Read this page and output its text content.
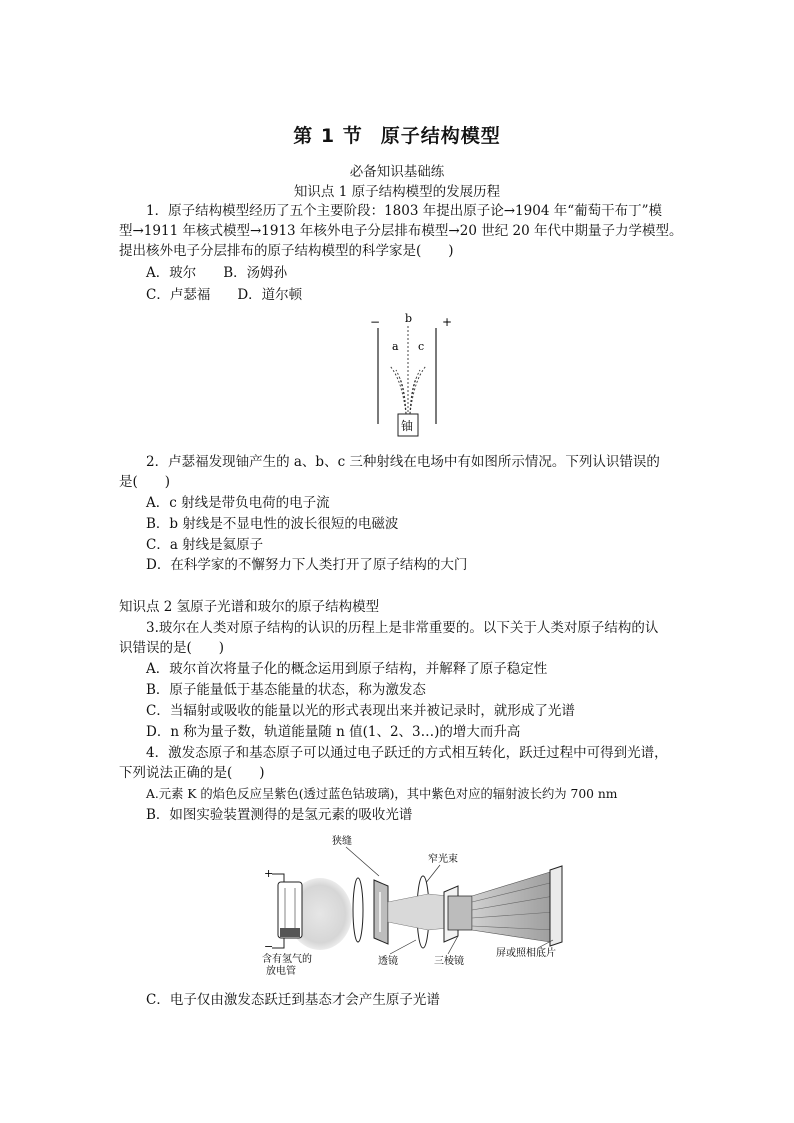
第 1 节 原子结构模型
必备知识基础练
知识点 1 原子结构模型的发展历程
1．原子结构模型经历了五个主要阶段：1803 年提出原子论→1904 年“葡萄干布丁”模
型→1911 年核式模型→1913 年核外电子分层排布模型→20 世纪 20 年代中期量子力学模型。
提出核外电子分层排布的原子结构模型的科学家是(　　)
A．玻尔　　B．汤姆孙
C．卢瑟福　　D．道尔顿
−	+
b
a c
铀
2．卢瑟福发现铀产生的 a、b、c 三种射线在电场中有如图所示情况。下列认识错误的
是(　　)
A．c 射线是带负电荷的电子流
B．b 射线是不显电性的波长很短的电磁波
C．a 射线是氦原子
D．在科学家的不懈努力下人类打开了原子结构的大门
知识点 2 氢原子光谱和玻尔的原子结构模型
3.玻尔在人类对原子结构的认识的历程上是非常重要的。以下关于人类对原子结构的认
识错误的是(　　)
A．玻尔首次将量子化的概念运用到原子结构，并解释了原子稳定性
B．原子能量低于基态能量的状态，称为激发态
C．当辐射或吸收的能量以光的形式表现出来并被记录时，就形成了光谱
D．n 称为量子数，轨道能量随 n 值(1、2、3…)的增大而升高
4．激发态原子和基态原子可以通过电子跃迁的方式相互转化，跃迁过程中可得到光谱，
下列说法正确的是(　　)
A.元素 K 的焰色反应呈紫色(透过蓝色钴玻璃)，其中紫色对应的辐射波长约为 700 nm
B．如图实验装置测得的是氢元素的吸收光谱
狭缝
窄光束
+
−
含有氢气的
放电管
透镜	三棱镜
屏或照相底片
C．电子仅由激发态跃迁到基态才会产生原子光谱
